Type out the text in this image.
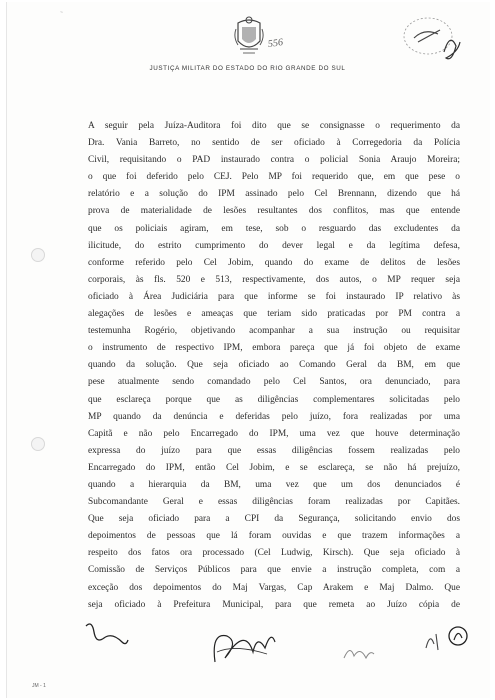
~
556
JUSTIÇA MILITAR DO ESTADO DO RIO GRANDE DO SUL
A seguir pela Juíza-Auditora foi dito que se consignasse o requerimento da
Dra. Vania Barreto, no sentido de ser oficiado à Corregedoria da Polícia
Civil, requisitando o PAD instaurado contra o policial Sonia Araujo Moreira;
o que foi deferido pelo CEJ. Pelo MP foi requerido que, em que pese o
relatório e a solução do IPM assinado pelo Cel Brennann, dizendo que há
prova de materialidade de lesões resultantes dos conflitos, mas que entende
que os policiais agiram, em tese, sob o resguardo das excludentes da
ilicitude, do estrito cumprimento do dever legal e da legítima defesa,
conforme referido pelo Cel Jobim, quando do exame de delitos de lesões
corporais, às fls. 520 e 513, respectivamente, dos autos, o MP requer seja
oficiado à Área Judiciária para que informe se foi instaurado IP relativo às
alegações de lesões e ameaças que teriam sido praticadas por PM contra a
testemunha Rogério, objetivando acompanhar a sua instrução ou requisitar
o instrumento de respectivo IPM, embora pareça que já foi objeto de exame
quando da solução. Que seja oficiado ao Comando Geral da BM, em que
pese atualmente sendo comandado pelo Cel Santos, ora denunciado, para
que esclareça porque que as diligências complementares solicitadas pelo
MP quando da denúncia e deferidas pelo juízo, fora realizadas por uma
Capitã e não pelo Encarregado do IPM, uma vez que houve determinação
expressa do juízo para que essas diligências fossem realizadas pelo
Encarregado do IPM, então Cel Jobim, e se esclareça, se não há prejuízo,
quando a hierarquia da BM, uma vez que um dos denunciados é
Subcomandante Geral e essas diligências foram realizadas por Capitães.
Que seja oficiado para a CPI da Segurança, solicitando envio dos
depoimentos de pessoas que lá foram ouvidas e que trazem informações a
respeito dos fatos ora processado (Cel Ludwig, Kirsch). Que seja oficiado à
Comissão de Serviços Públicos para que envie a instrução completa, com a
exceção dos depoimentos do Maj Vargas, Cap Arakem e Maj Dalmo. Que
seja oficiado à Prefeitura Municipal, para que remeta ao Juízo cópia de
JM - 1
